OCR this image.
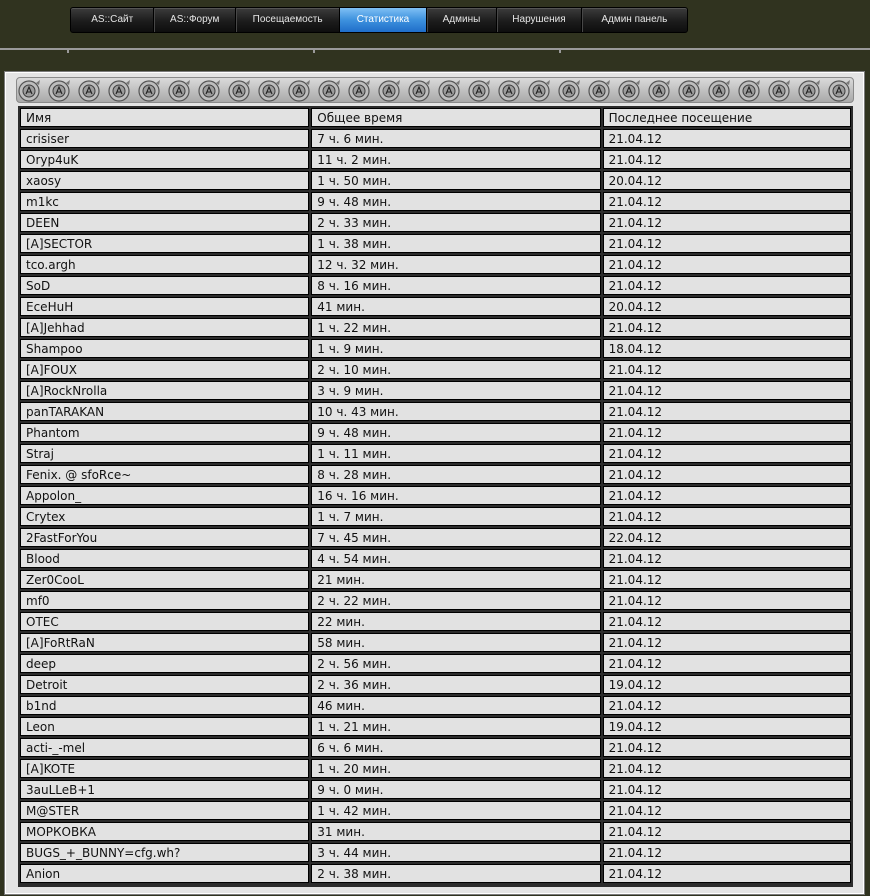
AS::Сайт	AS::Форум	Посещаемость	Статистика	Админы	Нарушения	Админ панель
Имя	Общее время	Последнее посещение
crisiser	7 ч. 6 мин.	21.04.12
Oryp4uK	11 ч. 2 мин.	21.04.12
xaosy	1 ч. 50 мин.	20.04.12
m1kc	9 ч. 48 мин.	21.04.12
DEEN	2 ч. 33 мин.	21.04.12
[A]SECTOR	1 ч. 38 мин.	21.04.12
tco.argh	12 ч. 32 мин.	21.04.12
SoD	8 ч. 16 мин.	21.04.12
EceHuH	41 мин.	20.04.12
[A]Jehhad	1 ч. 22 мин.	21.04.12
Shampoo	1 ч. 9 мин.	18.04.12
[A]FOUX	2 ч. 10 мин.	21.04.12
[A]RockNrolla	3 ч. 9 мин.	21.04.12
panTARAKAN	10 ч. 43 мин.	21.04.12
Phantom	9 ч. 48 мин.	21.04.12
Straj	1 ч. 11 мин.	21.04.12
Fenix. @ sfoRce~	8 ч. 28 мин.	21.04.12
Appolon_	16 ч. 16 мин.	21.04.12
Crytex	1 ч. 7 мин.	21.04.12
2FastForYou	7 ч. 45 мин.	22.04.12
Blood	4 ч. 54 мин.	21.04.12
Zer0CooL	21 мин.	21.04.12
mf0	2 ч. 22 мин.	21.04.12
OTEC	22 мин.	21.04.12
[A]FoRtRaN	58 мин.	21.04.12
deep	2 ч. 56 мин.	21.04.12
Detroit	2 ч. 36 мин.	19.04.12
b1nd	46 мин.	21.04.12
Leon	1 ч. 21 мин.	19.04.12
acti-_-mel	6 ч. 6 мин.	21.04.12
[A]KOTE	1 ч. 20 мин.	21.04.12
3auLLeB+1	9 ч. 0 мин.	21.04.12
M@STER	1 ч. 42 мин.	21.04.12
МОРКОВКА	31 мин.	21.04.12
BUGS_+_BUNNY=cfg.wh?	3 ч. 44 мин.	21.04.12
Anion	2 ч. 38 мин.	21.04.12
